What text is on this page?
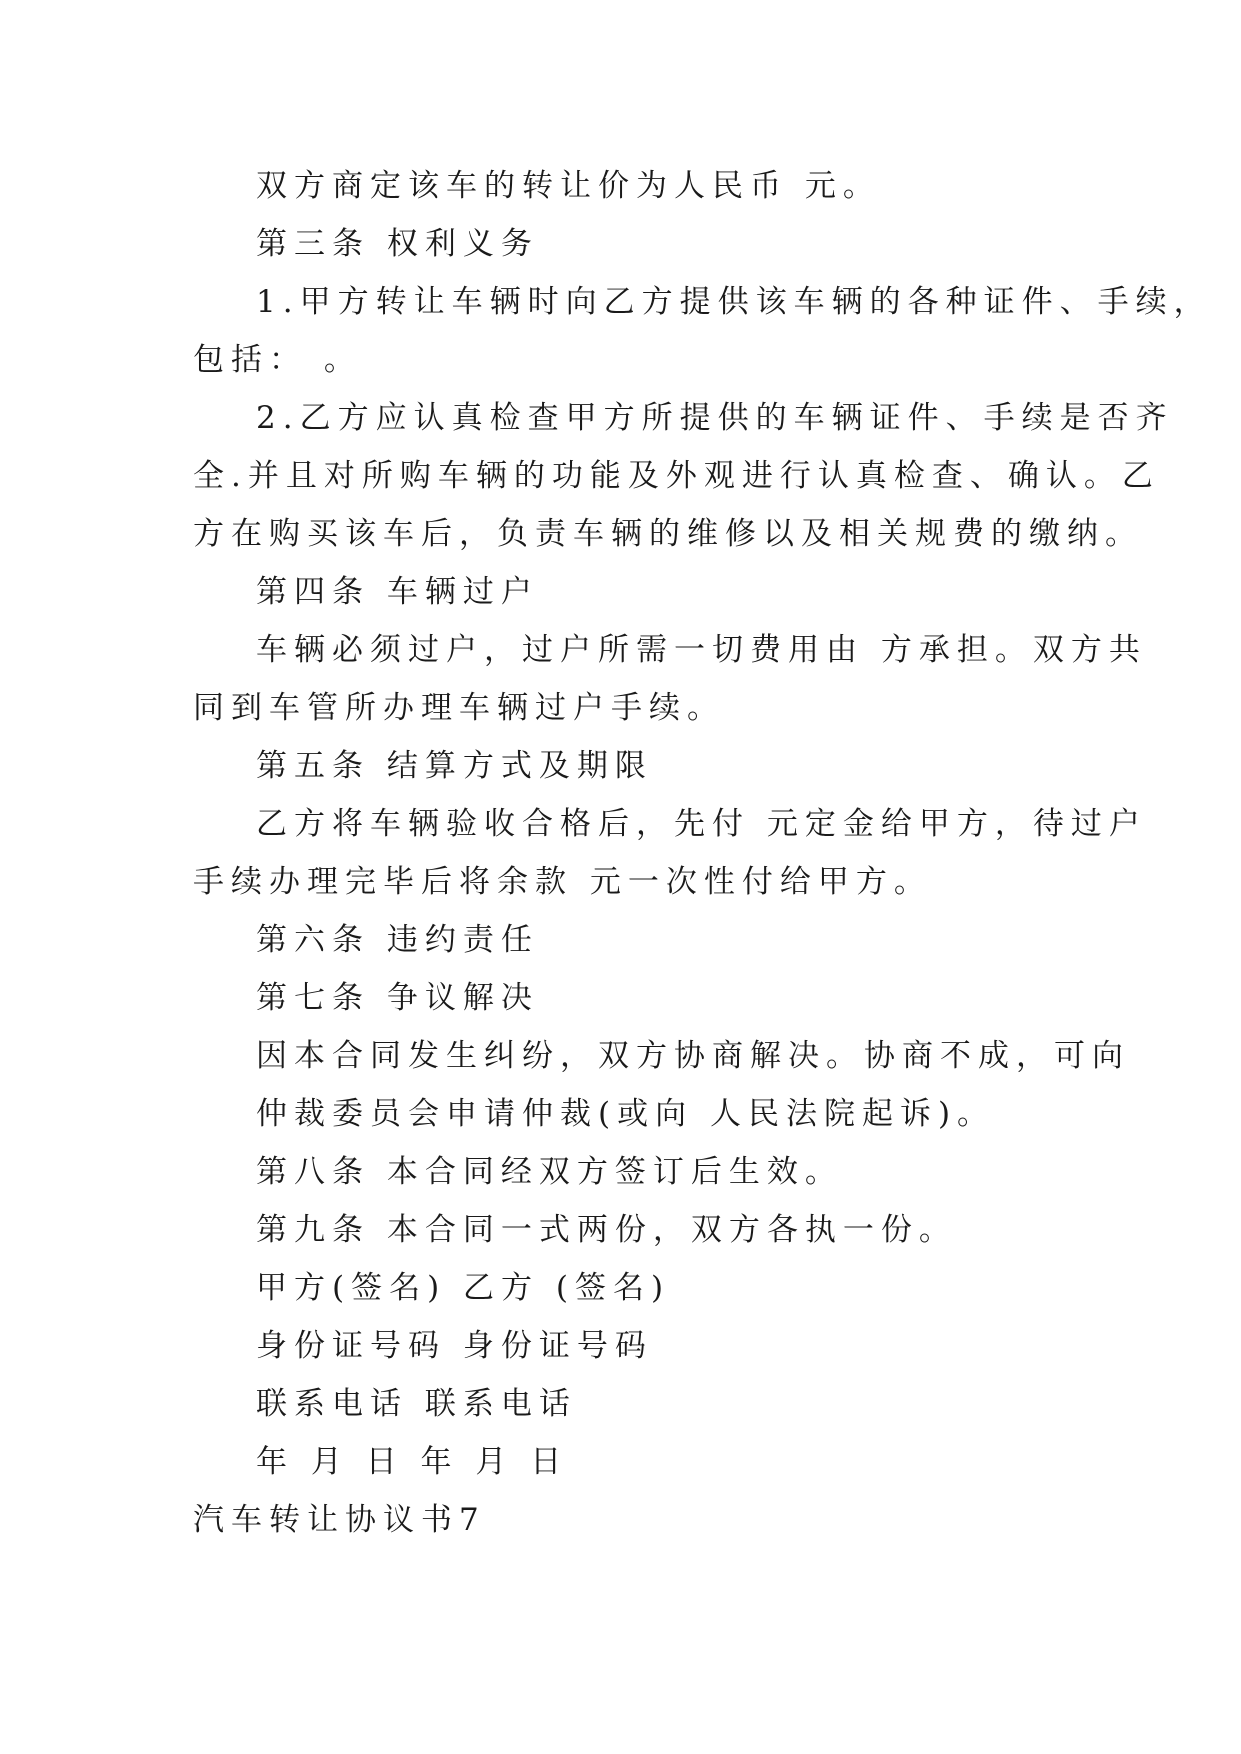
双方商定该车的转让价为人民币 元。
第三条 权利义务
1.甲方转让车辆时向乙方提供该车辆的各种证件、手续，
包括： 。
2.乙方应认真检查甲方所提供的车辆证件、手续是否齐
全.并且对所购车辆的功能及外观进行认真检查、确认。乙
方在购买该车后，负责车辆的维修以及相关规费的缴纳。
第四条 车辆过户
车辆必须过户，过户所需一切费用由 方承担。双方共
同到车管所办理车辆过户手续。
第五条 结算方式及期限
乙方将车辆验收合格后，先付 元定金给甲方，待过户
手续办理完毕后将余款 元一次性付给甲方。
第六条 违约责任
第七条 争议解决
因本合同发生纠纷，双方协商解决。协商不成，可向
仲裁委员会申请仲裁(或向 人民法院起诉)。
第八条 本合同经双方签订后生效。
第九条 本合同一式两份，双方各执一份。
甲方(签名) 乙方 (签名)
身份证号码 身份证号码
联系电话 联系电话
年 月 日 年 月 日
汽车转让协议书7
